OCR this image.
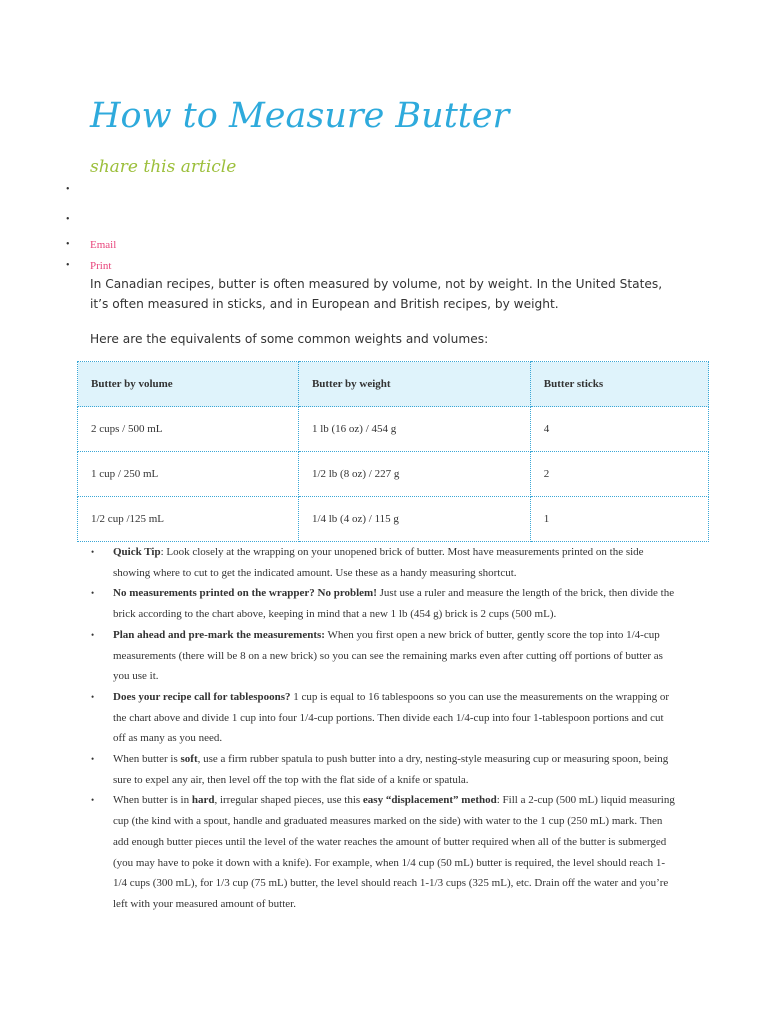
How to Measure Butter
share this article
•
•
• Email
• Print

In Canadian recipes, butter is often measured by volume, not by weight. In the United States, it’s often measured in sticks, and in European and British recipes, by weight.

Here are the equivalents of some common weights and volumes:

Butter by volume	Butter by weight	Butter sticks
2 cups / 500 mL	1 lb (16 oz) / 454 g	4
1 cup / 250 mL	1/2 lb (8 oz) / 227 g	2
1/2 cup /125 mL	1/4 lb (4 oz) / 115 g	1
• Quick Tip: Look closely at the wrapping on your unopened brick of butter. Most have measurements printed on the side showing where to cut to get the indicated amount. Use these as a handy measuring shortcut.
• No measurements printed on the wrapper? No problem! Just use a ruler and measure the length of the brick, then divide the brick according to the chart above, keeping in mind that a new 1 lb (454 g) brick is 2 cups (500 mL).
• Plan ahead and pre-mark the measurements: When you first open a new brick of butter, gently score the top into 1/4-cup measurements (there will be 8 on a new brick) so you can see the remaining marks even after cutting off portions of butter as you use it.
• Does your recipe call for tablespoons? 1 cup is equal to 16 tablespoons so you can use the measurements on the wrapping or the chart above and divide 1 cup into four 1/4-cup portions. Then divide each 1/4-cup into four 1-tablespoon portions and cut off as many as you need.
• When butter is soft, use a firm rubber spatula to push butter into a dry, nesting-style measuring cup or measuring spoon, being sure to expel any air, then level off the top with the flat side of a knife or spatula.
• When butter is in hard, irregular shaped pieces, use this easy “displacement” method: Fill a 2-cup (500 mL) liquid measuring cup (the kind with a spout, handle and graduated measures marked on the side) with water to the 1 cup (250 mL) mark. Then add enough butter pieces until the level of the water reaches the amount of butter required when all of the butter is submerged (you may have to poke it down with a knife). For example, when 1/4 cup (50 mL) butter is required, the level should reach 1-1/4 cups (300 mL), for 1/3 cup (75 mL) butter, the level should reach 1-1/3 cups (325 mL), etc. Drain off the water and you’re left with your measured amount of butter.
